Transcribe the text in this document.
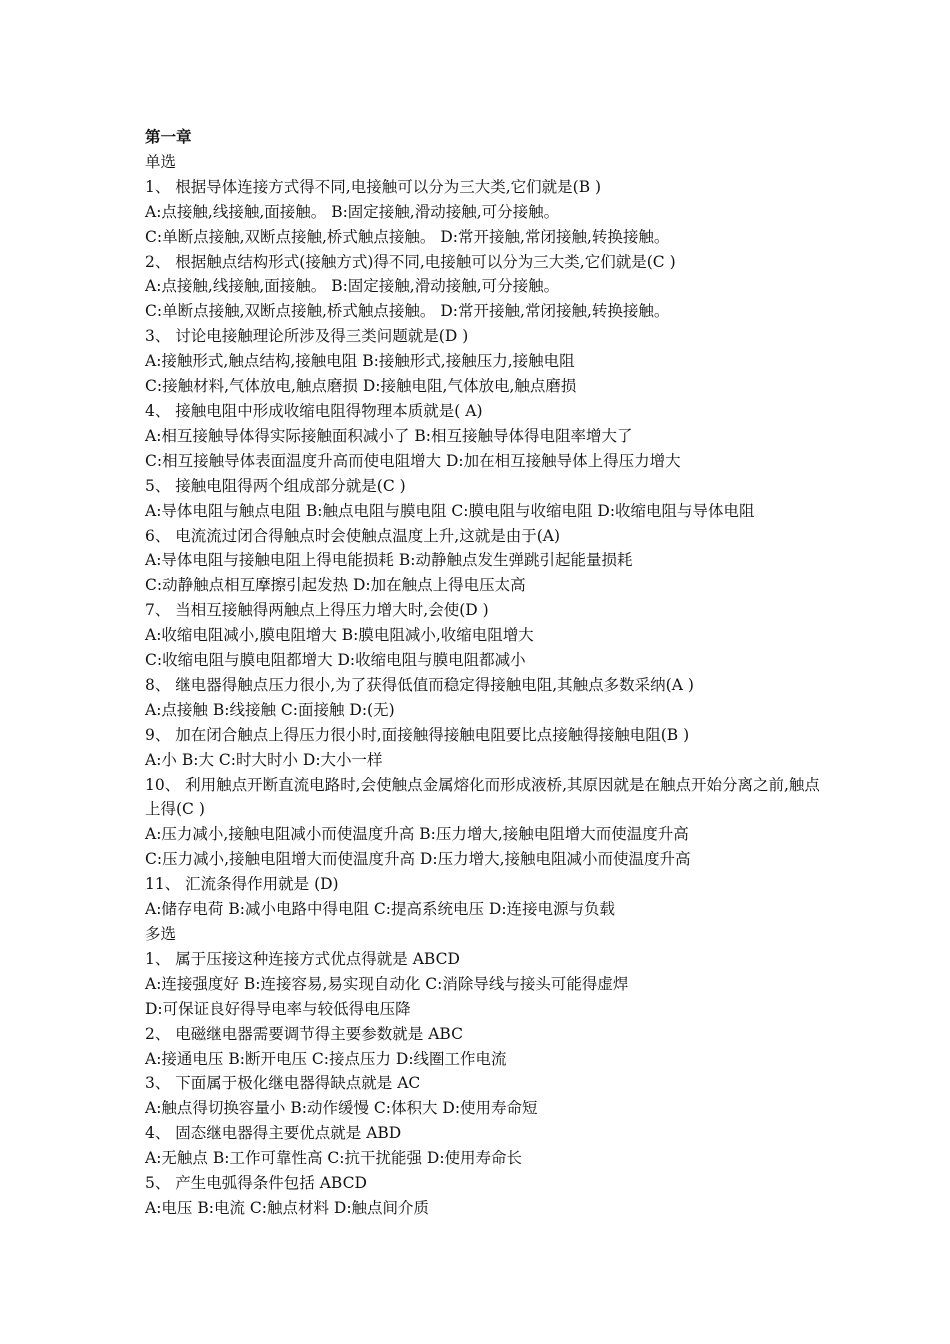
第一章
单选
1、 根据导体连接方式得不同,电接触可以分为三大类,它们就是(B )
A:点接触,线接触,面接触。 B:固定接触,滑动接触,可分接触。
C:单断点接触,双断点接触,桥式触点接触。 D:常开接触,常闭接触,转换接触。
2、 根据触点结构形式(接触方式)得不同,电接触可以分为三大类,它们就是(C )
A:点接触,线接触,面接触。 B:固定接触,滑动接触,可分接触。
C:单断点接触,双断点接触,桥式触点接触。 D:常开接触,常闭接触,转换接触。
3、 讨论电接触理论所涉及得三类问题就是(D )
A:接触形式,触点结构,接触电阻 B:接触形式,接触压力,接触电阻
C:接触材料,气体放电,触点磨损 D:接触电阻,气体放电,触点磨损
4、 接触电阻中形成收缩电阻得物理本质就是( A)
A:相互接触导体得实际接触面积减小了 B:相互接触导体得电阻率增大了
C:相互接触导体表面温度升高而使电阻增大 D:加在相互接触导体上得压力增大
5、 接触电阻得两个组成部分就是(C )
A:导体电阻与触点电阻 B:触点电阻与膜电阻 C:膜电阻与收缩电阻 D:收缩电阻与导体电阻
6、 电流流过闭合得触点时会使触点温度上升,这就是由于(A)
A:导体电阻与接触电阻上得电能损耗 B:动静触点发生弹跳引起能量损耗
C:动静触点相互摩擦引起发热 D:加在触点上得电压太高
7、 当相互接触得两触点上得压力增大时,会使(D )
A:收缩电阻减小,膜电阻增大 B:膜电阻减小,收缩电阻增大
C:收缩电阻与膜电阻都增大 D:收缩电阻与膜电阻都减小
8、 继电器得触点压力很小,为了获得低值而稳定得接触电阻,其触点多数采纳(A )
A:点接触 B:线接触 C:面接触 D:(无)
9、 加在闭合触点上得压力很小时,面接触得接触电阻要比点接触得接触电阻(B )
A:小 B:大 C:时大时小 D:大小一样
10、 利用触点开断直流电路时,会使触点金属熔化而形成液桥,其原因就是在触点开始分离之前,触点上得(C )
A:压力减小,接触电阻减小而使温度升高 B:压力增大,接触电阻增大而使温度升高
C:压力减小,接触电阻增大而使温度升高 D:压力增大,接触电阻减小而使温度升高
11、 汇流条得作用就是 (D)
A:储存电荷 B:减小电路中得电阻 C:提高系统电压 D:连接电源与负载
多选
1、 属于压接这种连接方式优点得就是 ABCD
A:连接强度好 B:连接容易,易实现自动化 C:消除导线与接头可能得虚焊
D:可保证良好得导电率与较低得电压降
2、 电磁继电器需要调节得主要参数就是 ABC
A:接通电压 B:断开电压 C:接点压力 D:线圈工作电流
3、 下面属于极化继电器得缺点就是 AC
A:触点得切换容量小 B:动作缓慢 C:体积大 D:使用寿命短
4、 固态继电器得主要优点就是 ABD
A:无触点 B:工作可靠性高 C:抗干扰能强 D:使用寿命长
5、 产生电弧得条件包括 ABCD
A:电压 B:电流 C:触点材料 D:触点间介质
